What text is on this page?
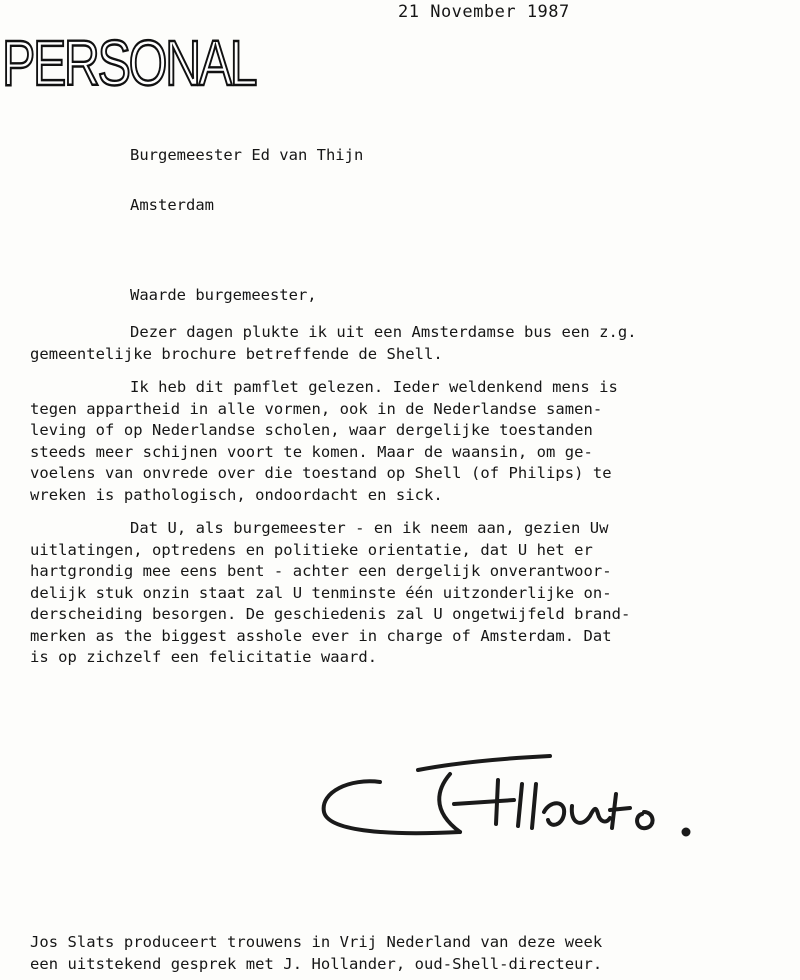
21 November 1987
PERSONAL
Burgemeester Ed van Thijn
Amsterdam
Waarde burgemeester,
Dezer dagen plukte ik uit een Amsterdamse bus een z.g.
gemeentelijke brochure betreffende de Shell.
Ik heb dit pamflet gelezen. Ieder weldenkend mens is
tegen appartheid in alle vormen, ook in de Nederlandse samen-
leving of op Nederlandse scholen, waar dergelijke toestanden
steeds meer schijnen voort te komen. Maar de waansin, om ge-
voelens van onvrede over die toestand op Shell (of Philips) te
wreken is pathologisch, ondoordacht en sick.
Dat U, als burgemeester - en ik neem aan, gezien Uw
uitlatingen, optredens en politieke orientatie, dat U het er
hartgrondig mee eens bent - achter een dergelijk onverantwoor-
delijk stuk onzin staat zal U tenminste één uitzonderlijke on-
derscheiding besorgen. De geschiedenis zal U ongetwijfeld brand-
merken as the biggest asshole ever in charge of Amsterdam. Dat
is op zichzelf een felicitatie waard.
Jos Slats produceert trouwens in Vrij Nederland van deze week
een uitstekend gesprek met J. Hollander, oud-Shell-directeur.
